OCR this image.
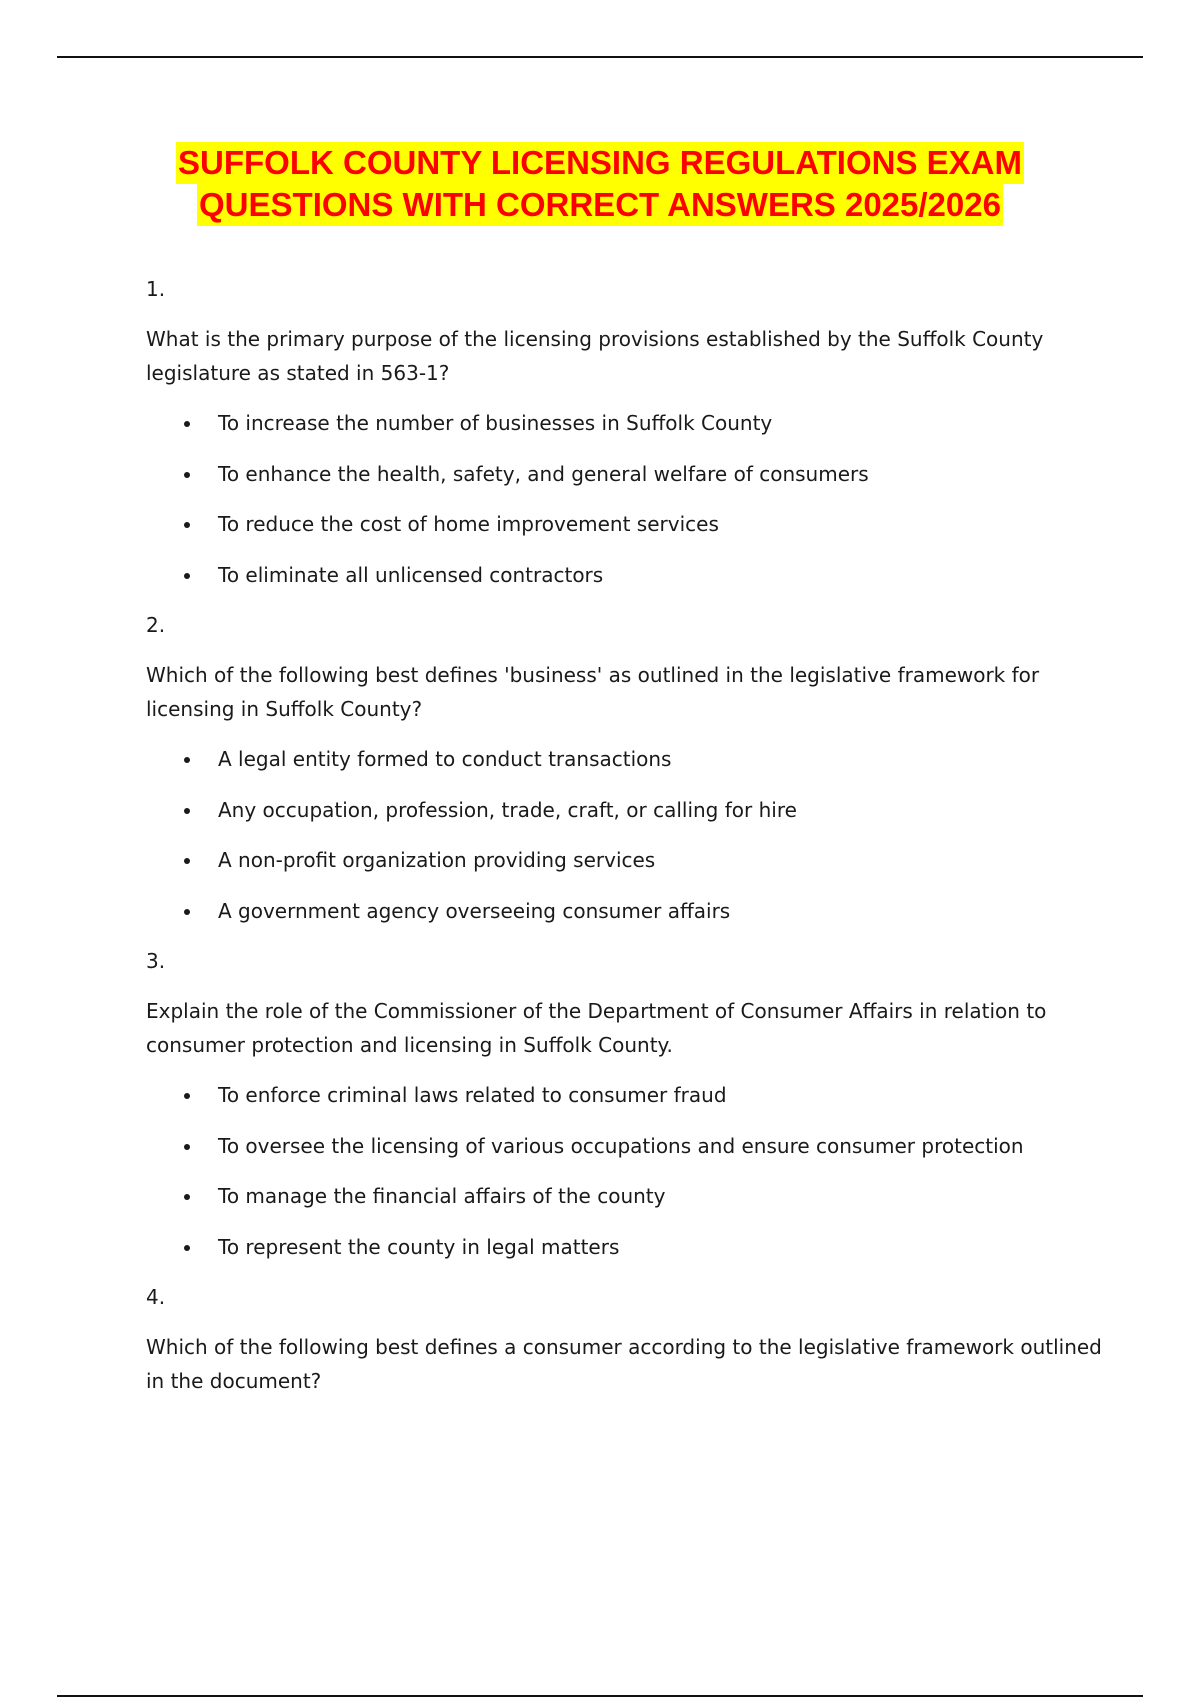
SUFFOLK COUNTY LICENSING REGULATIONS EXAM
QUESTIONS WITH CORRECT ANSWERS 2025/2026
1.
What is the primary purpose of the licensing provisions established by the Suffolk County legislature as stated in 563-1?
To increase the number of businesses in Suffolk County
To enhance the health, safety, and general welfare of consumers
To reduce the cost of home improvement services
To eliminate all unlicensed contractors
2.
Which of the following best defines 'business' as outlined in the legislative framework for licensing in Suffolk County?
A legal entity formed to conduct transactions
Any occupation, profession, trade, craft, or calling for hire
A non-profit organization providing services
A government agency overseeing consumer affairs
3.
Explain the role of the Commissioner of the Department of Consumer Affairs in relation to consumer protection and licensing in Suffolk County.
To enforce criminal laws related to consumer fraud
To oversee the licensing of various occupations and ensure consumer protection
To manage the financial affairs of the county
To represent the county in legal matters
4.
Which of the following best defines a consumer according to the legislative framework outlined in the document?
